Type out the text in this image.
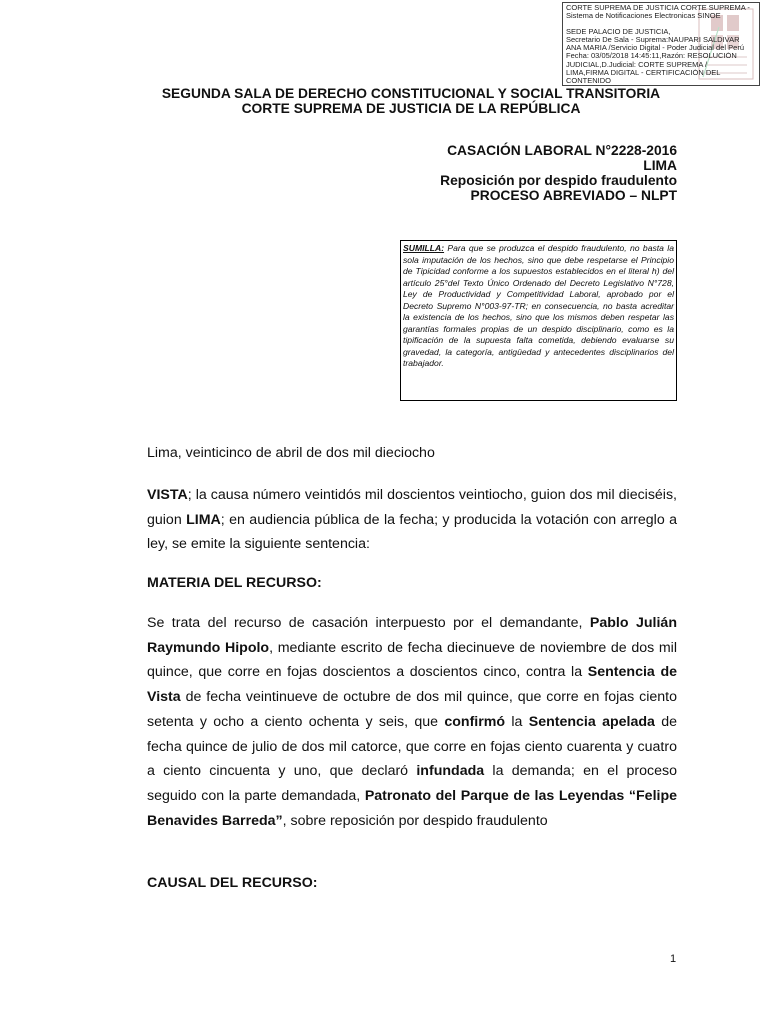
CORTE SUPREMA DE JUSTICIA CORTE SUPREMA -
Sistema de Notificaciones Electronicas SINOE
SEDE PALACIO DE JUSTICIA,
Secretario De Sala - Suprema:NAUPARI SALDIVAR
ANA MARIA /Servicio Digital - Poder Judicial del Perú
Fecha: 03/05/2018 14:45:11,Razón: RESOLUCIÓN
JUDICIAL,D.Judicial: CORTE SUPREMA /
LIMA,FIRMA DIGITAL - CERTIFICACIÓN DEL
CONTENIDO
SEGUNDA SALA DE DERECHO CONSTITUCIONAL Y SOCIAL TRANSITORIA
CORTE SUPREMA DE JUSTICIA DE LA REPÚBLICA
CASACIÓN LABORAL N°2228-2016
LIMA
Reposición por despido fraudulento
PROCESO ABREVIADO – NLPT
SUMILLA: Para que se produzca el despido fraudulento, no basta la sola imputación de los hechos, sino que debe respetarse el Principio de Tipicidad conforme a los supuestos establecidos en el literal h) del artículo 25°del Texto Único Ordenado del Decreto Legislativo N°728, Ley de Productividad y Competitividad Laboral, aprobado por el Decreto Supremo N°003-97-TR; en consecuencia, no basta acreditar la existencia de los hechos, sino que los mismos deben respetar las garantías formales propias de un despido disciplinario, como es la tipificación de la supuesta falta cometida, debiendo evaluarse su gravedad, la categoría, antigüedad y antecedentes disciplinarios del trabajador.

Lima, veinticinco de abril de dos mil dieciocho

VISTA; la causa número veintidós mil doscientos veintiocho, guion dos mil dieciséis, guion LIMA; en audiencia pública de la fecha; y producida la votación con arreglo a ley, se emite la siguiente sentencia:

MATERIA DEL RECURSO:

Se trata del recurso de casación interpuesto por el demandante, Pablo Julián Raymundo Hipolo, mediante escrito de fecha diecinueve de noviembre de dos mil quince, que corre en fojas doscientos a doscientos cinco, contra la Sentencia de Vista de fecha veintinueve de octubre de dos mil quince, que corre en fojas ciento setenta y ocho a ciento ochenta y seis, que confirmó la Sentencia apelada de fecha quince de julio de dos mil catorce, que corre en fojas ciento cuarenta y cuatro a ciento cincuenta y uno, que declaró infundada la demanda; en el proceso seguido con la parte demandada, Patronato del Parque de las Leyendas “Felipe Benavides Barreda”, sobre reposición por despido fraudulento

CAUSAL DEL RECURSO:
1
